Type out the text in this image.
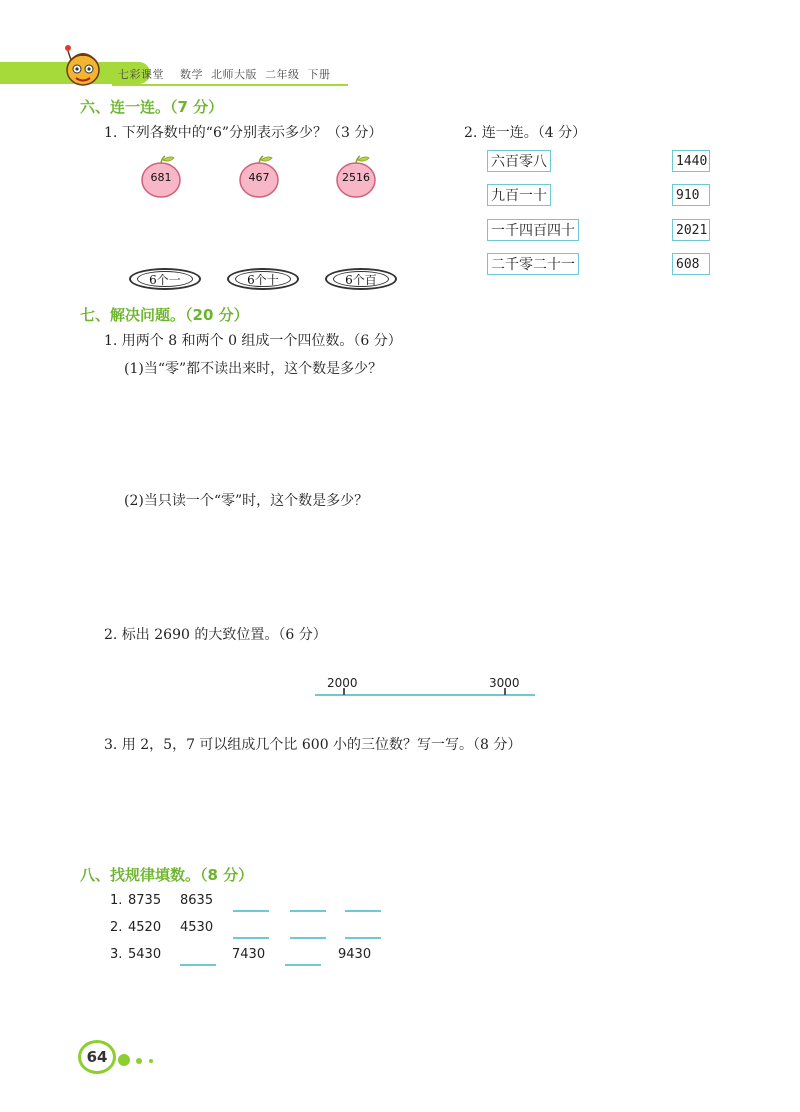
七彩课堂    数学  北师大版  二年级  下册
六、连一连。（7 分）
1. 下列各数中的“6”分别表示多少？（3 分）	2. 连一连。（4 分）
681	467	2516
6个一	6个十	6个百
六百零八
九百一十
一千四百四十
二千零二十一
1440
910
2021
608
七、解决问题。（20 分）
1. 用两个 8 和两个 0 组成一个四位数。（6 分）
(1)当“零”都不读出来时，这个数是多少？
(2)当只读一个“零”时，这个数是多少？
2. 标出 2690 的大致位置。（6 分）
2000	3000
3. 用 2，5，7 可以组成几个比 600 小的三位数？写一写。（8 分）
八、找规律填数。（8 分）
1. 8735 8635
2. 4520 4530
3. 5430	7430	9430
64
